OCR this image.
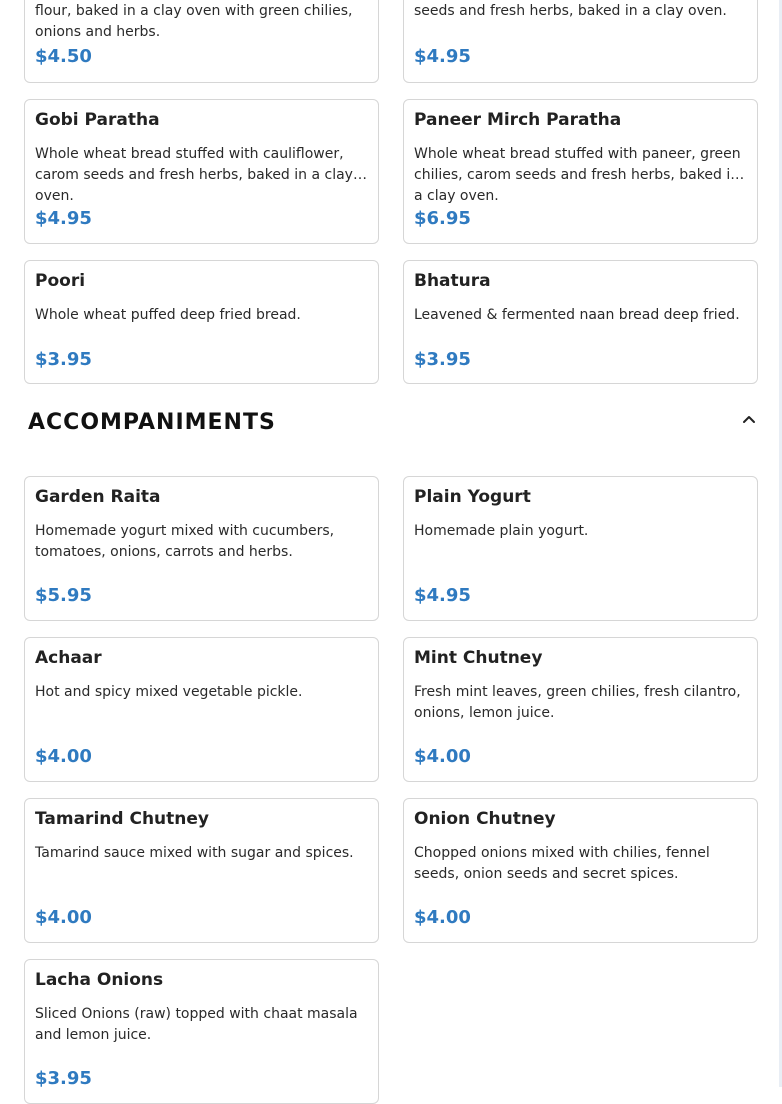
flour, baked in a clay oven with green chilies, onions and herbs.
$4.50
seeds and fresh herbs, baked in a clay oven.
$4.95
Gobi Paratha
Whole wheat bread stuffed with cauliflower, carom seeds and fresh herbs, baked in a clay oven.
$4.95
Paneer Mirch Paratha
Whole wheat bread stuffed with paneer, green chilies, carom seeds and fresh herbs, baked in a clay oven.
$6.95
Poori
Whole wheat puffed deep fried bread.
$3.95
Bhatura
Leavened & fermented naan bread deep fried.
$3.95
ACCOMPANIMENTS
Garden Raita
Homemade yogurt mixed with cucumbers, tomatoes, onions, carrots and herbs.
$5.95
Plain Yogurt
Homemade plain yogurt.
$4.95
Achaar
Hot and spicy mixed vegetable pickle.
$4.00
Mint Chutney
Fresh mint leaves, green chilies, fresh cilantro, onions, lemon juice.
$4.00
Tamarind Chutney
Tamarind sauce mixed with sugar and spices.
$4.00
Onion Chutney
Chopped onions mixed with chilies, fennel seeds, onion seeds and secret spices.
$4.00
Lacha Onions
Sliced Onions (raw) topped with chaat masala and lemon juice.
$3.95
